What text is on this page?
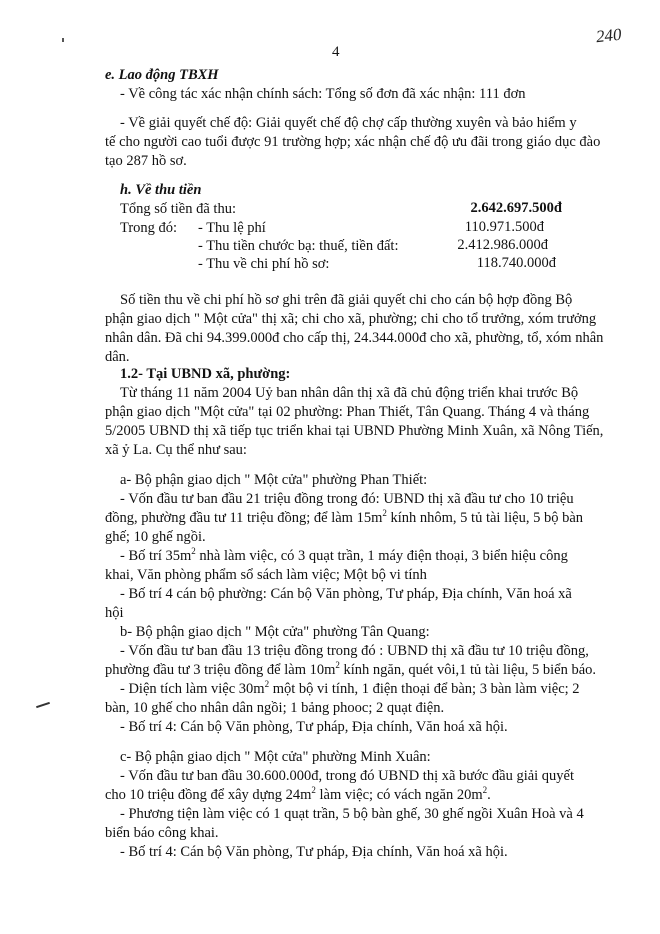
4
240
e. Lao động TBXH
- Về công tác xác nhận chính sách: Tổng số đơn đã xác nhận: 111 đơn
- Về giải quyết chế độ: Giải quyết chế độ chợ cấp thường xuyên và bảo hiểm y
tế cho người cao tuổi được 91 trường hợp; xác nhận chế độ ưu đãi trong giáo dục đào
tạo 287 hồ sơ.
h. Về thu tiền
Tổng số tiền đã thu:	2.642.697.500đ
Trong đó: - Thu lệ phí	110.971.500đ
- Thu tiền chước bạ: thuế, tiền đất:	2.412.986.000đ
- Thu về chi phí hồ sơ:	118.740.000đ
Số tiền thu về chi phí hồ sơ ghi trên đã giải quyết chi cho cán bộ hợp đồng Bộ
phận giao dịch " Một cửa" thị xã; chi cho xã, phường; chi cho tổ trưởng, xóm trưởng
nhân dân. Đã chi 94.399.000đ cho cấp thị, 24.344.000đ cho xã, phường, tổ, xóm nhân
dân.
1.2- Tại UBND xã, phường:
Từ tháng 11 năm 2004 Uỷ ban nhân dân thị xã đã chủ động triển khai trước Bộ
phận giao dịch "Một cửa" tại 02 phường: Phan Thiết, Tân Quang. Tháng 4 và tháng
5/2005 UBND thị xã tiếp tục triển khai tại UBND Phường Minh Xuân, xã Nông Tiến,
xã ỷ La. Cụ thể như sau:
a- Bộ phận giao dịch " Một cửa" phường Phan Thiết:
- Vốn đầu tư ban đầu 21 triệu đồng trong đó: UBND thị xã đầu tư cho 10 triệu
đồng, phường đầu tư 11 triệu đồng; để làm $15m^2$ kính nhôm, 5 tủ tài liệu, 5 bộ bàn
ghế; 10 ghế ngồi.
- Bố trí $35m^2$ nhà làm việc, có 3 quạt trần, 1 máy điện thoại, 3 biển hiệu công
khai, Văn phòng phẩm sổ sách làm việc; Một bộ vi tính
- Bố trí 4 cán bộ phường: Cán bộ Văn phòng, Tư pháp, Địa chính, Văn hoá xã
hội
b- Bộ phận giao dịch " Một cửa" phường Tân Quang:
- Vốn đầu tư ban đầu 13 triệu đồng trong đó : UBND thị xã đầu tư 10 triệu đồng,
phường đầu tư 3 triệu đồng để làm $10m^2$ kính ngăn, quét vôi,1 tủ tài liệu, 5 biển báo.
- Diện tích làm việc $30m^2$ một bộ vi tính, 1 điện thoại để bàn; 3 bàn làm việc; 2
bàn, 10 ghế cho nhân dân ngồi; 1 bảng phooc; 2 quạt điện.
- Bố trí 4: Cán bộ Văn phòng, Tư pháp, Địa chính, Văn hoá xã hội.
c- Bộ phận giao dịch " Một cửa" phường Minh Xuân:
- Vốn đầu tư ban đầu 30.600.000đ, trong đó UBND thị xã bước đầu giải quyết
cho 10 triệu đồng để xây dựng $24m^2$ làm việc; có vách ngăn $20m^2$.
- Phương tiện làm việc có 1 quạt trần, 5 bộ bàn ghế, 30 ghế ngồi Xuân Hoà và 4
biển báo công khai.
- Bố trí 4: Cán bộ Văn phòng, Tư pháp, Địa chính, Văn hoá xã hội.
